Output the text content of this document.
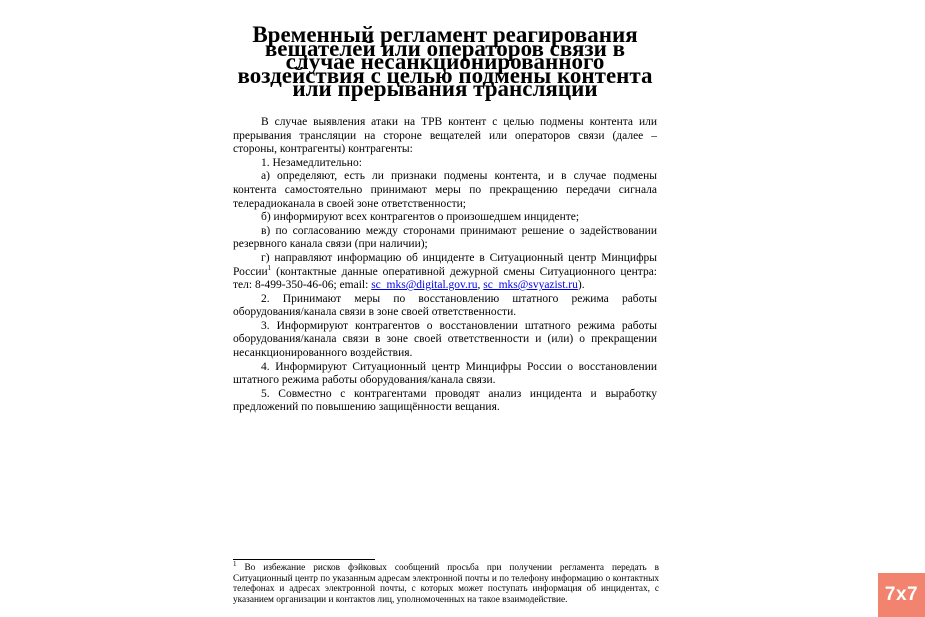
Временный регламент реагирования вещателей или операторов связи в случае несанкционированного воздействия с целью подмены контента или прерывания трансляции

В случае выявления атаки на ТРВ контент с целью подмены контента или прерывания трансляции на стороне вещателей или операторов связи (далее – стороны, контрагенты) контрагенты:

1. Незамедлительно:

а) определяют, есть ли признаки подмены контента, и в случае подмены контента самостоятельно принимают меры по прекращению передачи сигнала телерадиоканала в своей зоне ответственности;

б) информируют всех контрагентов о произошедшем инциденте;

в) по согласованию между сторонами принимают решение о задействовании резервного канала связи (при наличии);

г) направляют информацию об инциденте в Ситуационный центр Минцифры России$^1$ (контактные данные оперативной дежурной смены Ситуационного центра: тел: 8-499-350-46-06; email: sc_mks@digital.gov.ru, sc_mks@svyazist.ru).

2. Принимают меры по восстановлению штатного режима работы оборудования/канала связи в зоне своей ответственности.

3. Информируют контрагентов о восстановлении штатного режима работы оборудования/канала связи в зоне своей ответственности и (или) о прекращении несанкционированного воздействия.

4. Информируют Ситуационный центр Минцифры России о восстановлении штатного режима работы оборудования/канала связи.

5. Совместно с контрагентами проводят анализ инцидента и выработку предложений по повышению защищённости вещания.

$^1$ Во избежание рисков фэйковых сообщений просьба при получении регламента передать в Ситуационный центр по указанным адресам электронной почты и по телефону информацию о контактных телефонах и адресах электронной почты, с которых может поступать информация об инцидентах, с указанием организации и контактов лиц, уполномоченных на такое взаимодействие.	7x7
